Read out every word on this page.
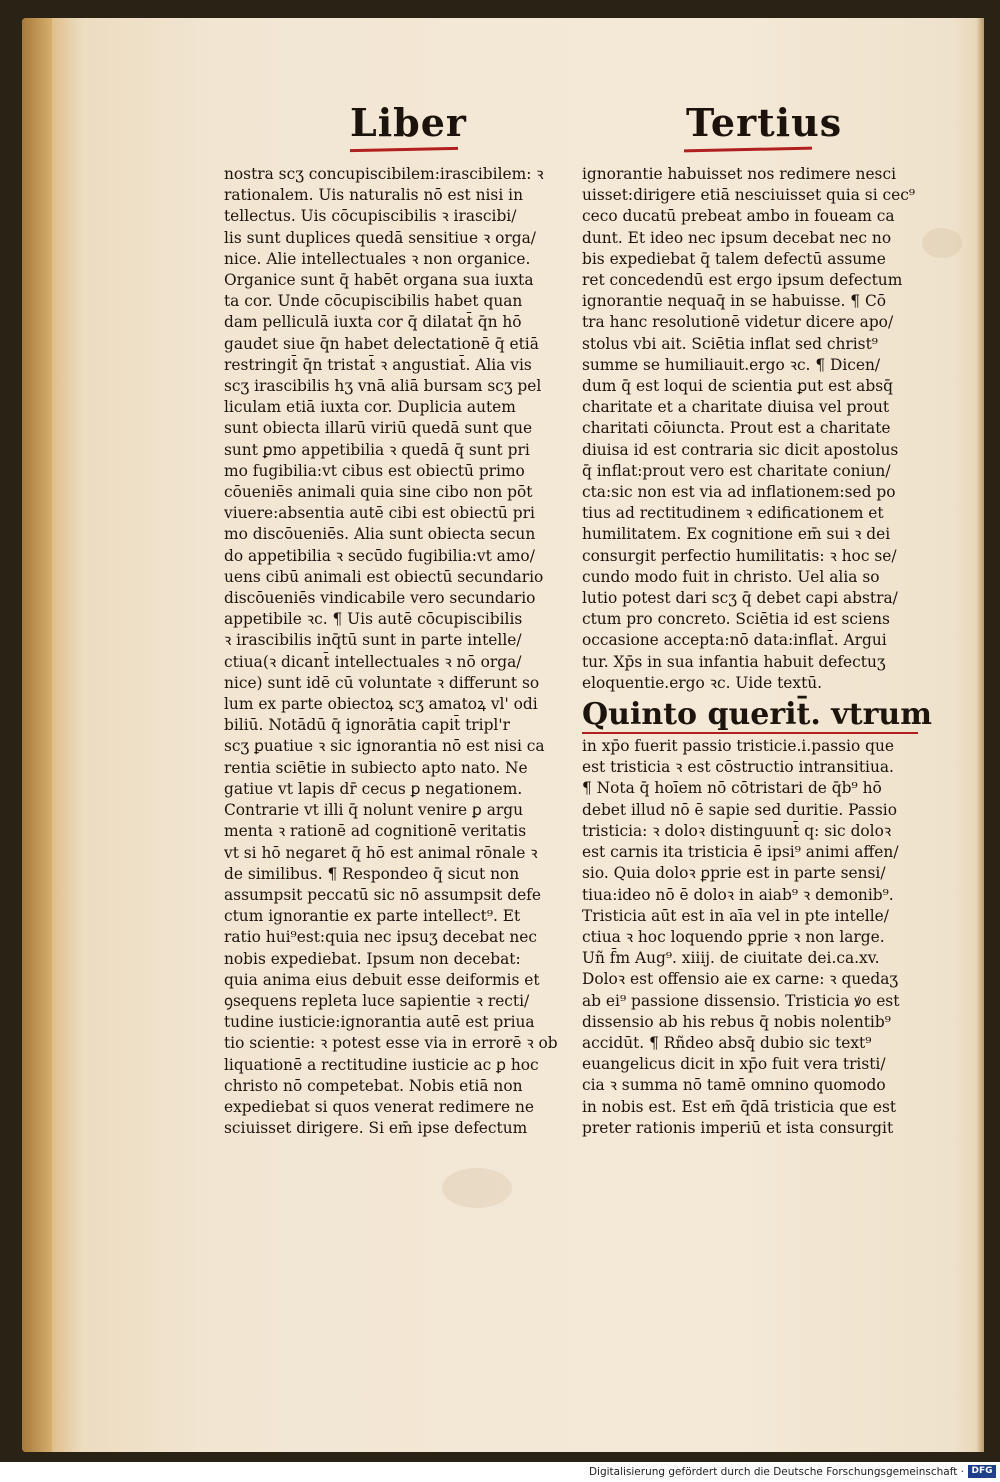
Liber	Tertius
nostra scʒ concupiscibilem:irascibilem: ꝛ
rationalem. Uis naturalis nō est nisi in
tellectus. Uis cōcupiscibilis ꝛ irascibi/
lis sunt duplices quedā sensitiue ꝛ orga/
nice. Alie intellectuales ꝛ non organice.
Organice sunt q̄ habēt organa sua iuxta
ta cor. Unde cōcupiscibilis habet quan
dam pelliculā iuxta cor q̄ dilatat̄ q̄n hō
gaudet siue q̄n habet delectationē q̄ etiā
restringit̄ q̄n tristat̄ ꝛ angustiat̄. Alia vis
scʒ irascibilis hʒ vnā aliā bursam scʒ pel
liculam etiā iuxta cor. Duplicia autem
sunt obiecta illarū viriū quedā sunt que
sunt ꝑmo appetibilia ꝛ quedā q̄ sunt pri
mo fugibilia:vt cibus est obiectū primo
cōueniēs animali quia sine cibo non pōt
viuere:absentia autē cibi est obiectū pri
mo discōueniēs. Alia sunt obiecta secun
do appetibilia ꝛ secūdo fugibilia:vt amo/
uens cibū animali est obiectū secundario
discōueniēs vindicabile vero secundario
appetibile ꝛc. ¶ Uis autē cōcupiscibilis
ꝛ irascibilis inq̄tū sunt in parte intelle/
ctiua(ꝛ dicant̄ intellectuales ꝛ nō orga/
nice) sunt idē cū voluntate ꝛ differunt so
lum ex parte obiectoꝝ scʒ amatoꝝ vl' odi
biliū. Notādū q̄ ignorātia capit̄ tripl'r
scʒ ꝑuatiue ꝛ sic ignorantia nō est nisi ca
rentia sciētie in subiecto apto nato. Ne
gatiue vt lapis dr̄ cecus ꝑ negationem.
Contrarie vt illi q̄ nolunt venire ꝑ argu
menta ꝛ rationē ad cognitionē veritatis
vt si hō negaret q̄ hō est animal rōnale ꝛ
de similibus. ¶ Respondeo q̄ sicut non
assumpsit peccatū sic nō assumpsit defe
ctum ignorantie ex parte intellect⁹. Et
ratio hui⁹est:quia nec ipsuʒ decebat nec
nobis expediebat. Ipsum non decebat:
quia anima eius debuit esse deiformis et
ꝯsequens repleta luce sapientie ꝛ recti/
tudine iusticie:ignorantia autē est priua
tio scientie: ꝛ potest esse via in errorē ꝛ ob
liquationē a rectitudine iusticie ac ꝑ hoc
christo nō competebat. Nobis etiā non
expediebat si quos venerat redimere ne
sciuisset dirigere. Si em̄ ipse defectum
ignorantie habuisset nos redimere nesci
uisset:dirigere etiā nesciuisset quia si cec⁹
ceco ducatū prebeat ambo in foueam ca
dunt. Et ideo nec ipsum decebat nec no
bis expediebat q̄ talem defectū assume
ret concedendū est ergo ipsum defectum
ignorantie nequaq̄ in se habuisse. ¶ Cō
tra hanc resolutionē videtur dicere apo/
stolus vbi ait. Sciētia inflat sed christ⁹
summe se humiliauit.ergo ꝛc. ¶ Dicen/
dum q̄ est loqui de scientia ꝑut est absq̄
charitate et a charitate diuisa vel prout
charitati cōiuncta. Prout est a charitate
diuisa id est contraria sic dicit apostolus
q̄ inflat:prout vero est charitate coniun/
cta:sic non est via ad inflationem:sed po
tius ad rectitudinem ꝛ edificationem et
humilitatem. Ex cognitione em̄ sui ꝛ dei
consurgit perfectio humilitatis: ꝛ hoc se/
cundo modo fuit in christo. Uel alia so
lutio potest dari scʒ q̄ debet capi abstra/
ctum pro concreto. Sciētia id est sciens
occasione accepta:nō data:inflat̄. Argui
tur. Xp̄s in sua infantia habuit defectuʒ
eloquentie.ergo ꝛc. Uide textū.
Quinto querit̄. vtrum
in xp̄o fuerit passio tristicie.i.passio que
est tristicia ꝛ est cōstructio intransitiua.
¶ Nota q̄ hoīem nō cōtristari de q̄b⁹ hō
debet illud nō ē sapie sed duritie. Passio
tristicia: ꝛ doloꝛ distinguunt̄ q: sic doloꝛ
est carnis ita tristicia ē ipsi⁹ animi affen/
sio. Quia doloꝛ ꝑprie est in parte sensi/
tiua:ideo nō ē doloꝛ in aiab⁹ ꝛ demonib⁹.
Tristicia aūt est in aīa vel in pte intelle/
ctiua ꝛ hoc loquendo ꝑprie ꝛ non large.
Uñ f̄m Aug⁹. xiiij. de ciuitate dei.ca.xv.
Doloꝛ est offensio aie ex carne: ꝛ quedaʒ
ab ei⁹ passione dissensio. Tristicia ꝟo est
dissensio ab his rebus q̄ nobis nolentib⁹
accidūt. ¶ Rñdeo absq̄ dubio sic text⁹
euangelicus dicit in xp̄o fuit vera tristi/
cia ꝛ summa nō tamē omnino quomodo
in nobis est. Est em̄ q̄dā tristicia que est
preter rationis imperiū et ista consurgit
Digitalisierung gefördert durch die Deutsche Forschungsgemeinschaft · DFG
